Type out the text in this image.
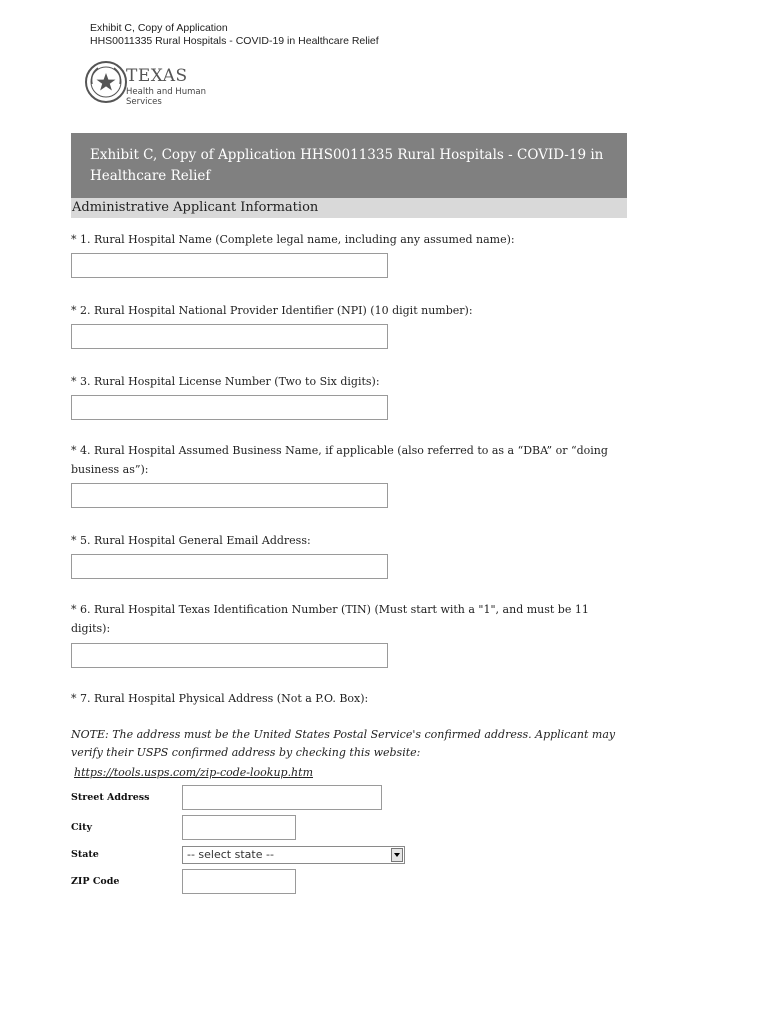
Exhibit C, Copy of Application
HHS0011335 Rural Hospitals - COVID-19 in Healthcare Relief
TEXAS
Health and Human Services
Exhibit C, Copy of Application HHS0011335 Rural Hospitals - COVID-19 in Healthcare Relief
Administrative Applicant Information
* 1. Rural Hospital Name (Complete legal name, including any assumed name):
* 2. Rural Hospital National Provider Identifier (NPI) (10 digit number):
* 3. Rural Hospital License Number (Two to Six digits):
* 4. Rural Hospital Assumed Business Name, if applicable (also referred to as a “DBA” or “doing business as”):
* 5. Rural Hospital General Email Address:
* 6. Rural Hospital Texas Identification Number (TIN) (Must start with a "1", and must be 11 digits):
* 7. Rural Hospital Physical Address (Not a P.O. Box):
NOTE: The address must be the United States Postal Service's confirmed address. Applicant may verify their USPS confirmed address by checking this website:
https://tools.usps.com/zip-code-lookup.htm
Street Address
City
State	-- select state --
ZIP Code
